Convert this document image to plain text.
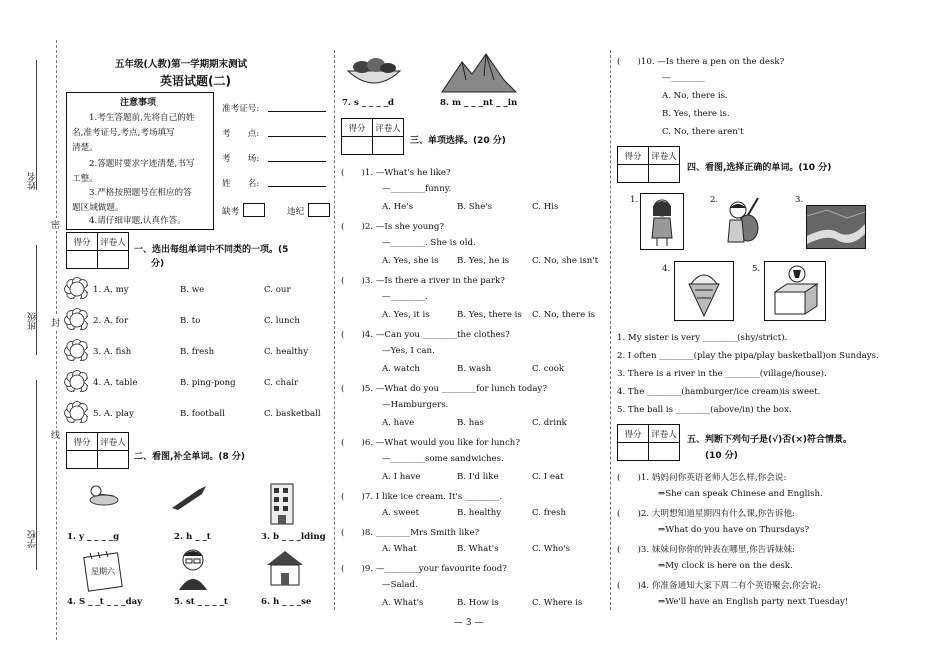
姓名
班级
学校
密
封
线
五年级(人教)第一学期期末测试
英语试题(二)
注意事项
1.考生答题前,先将自己的姓
名,准考证号,考点,考场填写
清楚。
2.答题时要求字迹清楚,书写
工整。
3.严格按照题号在相应的答
题区域做题。
4.请仔细审题,认真作答。
准考证号:
考　　点:
考　　场:
姓　　名:
缺考	违纪
得分	评卷人

一、选出每组单词中不同类的一项。(5
分)
1. A. my	B. we	C. our
2. A. for	B. to	C. lunch
3. A. fish	B. fresh	C. healthy
4. A. table	B. ping-pong	C. chair
5. A. play	B. football	C. basketball
得分	评卷人

二、看图,补全单词。(8 分)
1. y _ _ _ _g	2. h _ _t	3. b _ _ _lding
星期六
4. S _ _t _ _ _day	5. st _ _ _ _t	6. h _ _ _se
7. s _ _ _ _d	8. m _ _ _nt _ _in
得分	评卷人

三、单项选择。(20 分)
(　　)1. —What's he like?
—________funny.
A. He's	B. She's	C. His
(　　)2. —Is she young?
—________. She is old.
A. Yes, she is B. Yes, he is	C. No, she isn't
(　　)3. —Is there a river in the park?
—________.
A. Yes, it is	B. Yes, there is C. No, there is
(　　)4. —Can you ________the clothes?
—Yes, I can.
A. watch	B. wash	C. cook
(　　)5. —What do you ________for lunch today?
—Hamburgers.
A. have	B. has	C. drink
(　　)6. —What would you like for lunch?
—________some sandwiches.
A. I have	B. I'd like	C. I eat
(　　)7. I like ice cream. It's ________.
A. sweet	B. healthy	C. fresh
(　　)8. ________Mrs Smith like?
A. What	B. What's	C. Who's
(　　)9. —________your favourite food?
—Salad.
A. What's	B. How is	C. Where is
— 3 —
(　　)10. —Is there a pen on the desk?
—________
A. No, there is.
B. Yes, there is.
C. No, there aren't
得分	评卷人

四、看图,选择正确的单词。(10 分)
1.	2.	3.
4.	5.
1. My sister is very ________(shy/strict).
2. I often ________(play the pipa/play basketball)on Sundays.
3. There is a river in the ________(village/house).
4. The ________(hamburger/ice cream)is sweet.
5. The ball is ________(above/in) the box.
得分	评卷人

五、判断下列句子是(√)否(×)符合情景。
(10 分)
(　　)1. 妈妈问你英语老师人怎么样,你会说:
⇒She can speak Chinese and English.
(　　)2. 大明想知道星期四有什么课,你告诉他:
⇒What do you have on Thursdays?
(　　)3. 妹妹问你你的钟表在哪里,你告诉妹妹:
⇒My clock is here on the desk.
(　　)4. 你准备通知大家下周二有个英语聚会,你会说:
⇒We'll have an English party next Tuesday!
